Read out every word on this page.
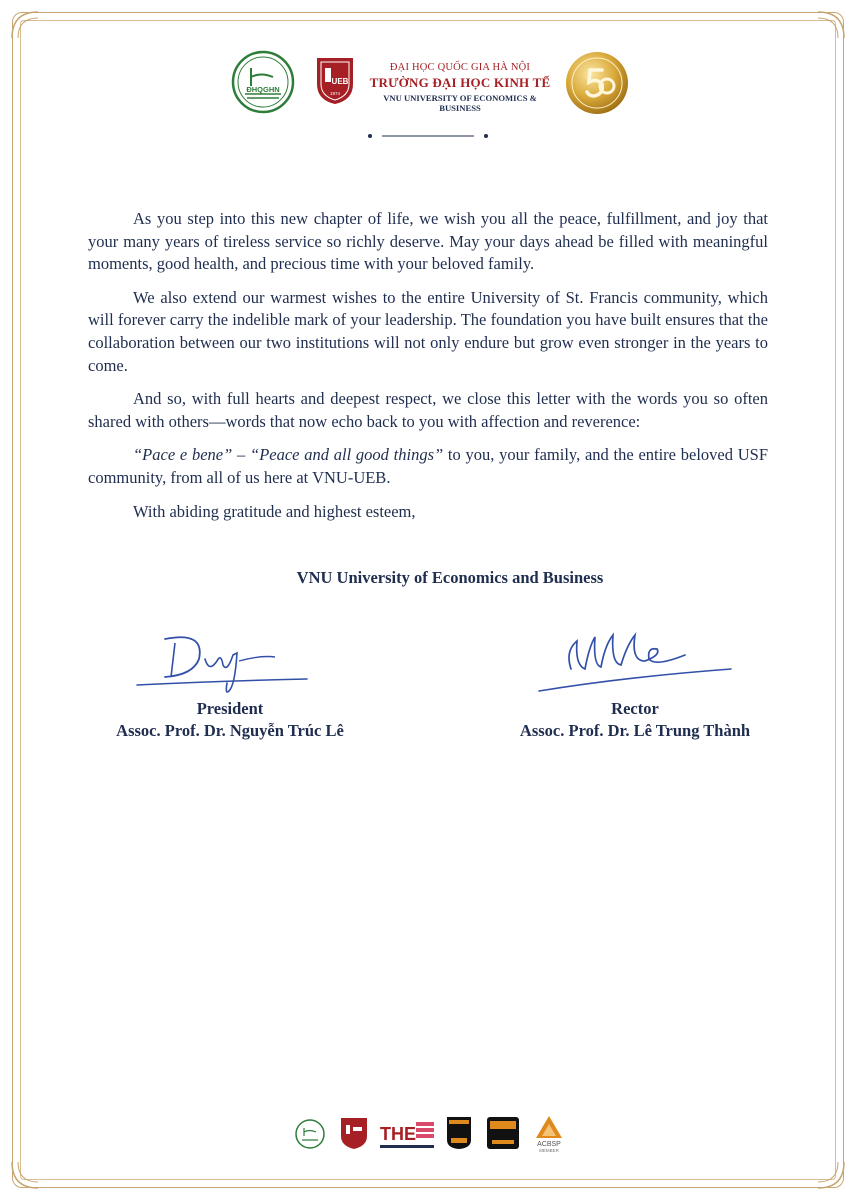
ĐHQGHN
UEB
1974
ĐẠI HỌC QUỐC GIA HÀ NỘI
TRƯỜNG ĐẠI HỌC KINH TẾ
VNU UNIVERSITY OF ECONOMICS & BUSINESS

As you step into this new chapter of life, we wish you all the peace, fulfillment, and joy that your many years of tireless service so richly deserve. May your days ahead be filled with meaningful moments, good health, and precious time with your beloved family.

We also extend our warmest wishes to the entire University of St. Francis community, which will forever carry the indelible mark of your leadership. The foundation you have built ensures that the collaboration between our two institutions will not only endure but grow even stronger in the years to come.

And so, with full hearts and deepest respect, we close this letter with the words you so often shared with others—words that now echo back to you with affection and reverence:

“Pace e bene” – “Peace and all good things” to you, your family, and the entire beloved USF community, from all of us here at VNU-UEB.

With abiding gratitude and highest esteem,

VNU University of Economics and Business
President
Assoc. Prof. Dr. Nguyễn Trúc Lê
Rector
Assoc. Prof. Dr. Lê Trung Thành
THE
ACBSP
MEMBER
